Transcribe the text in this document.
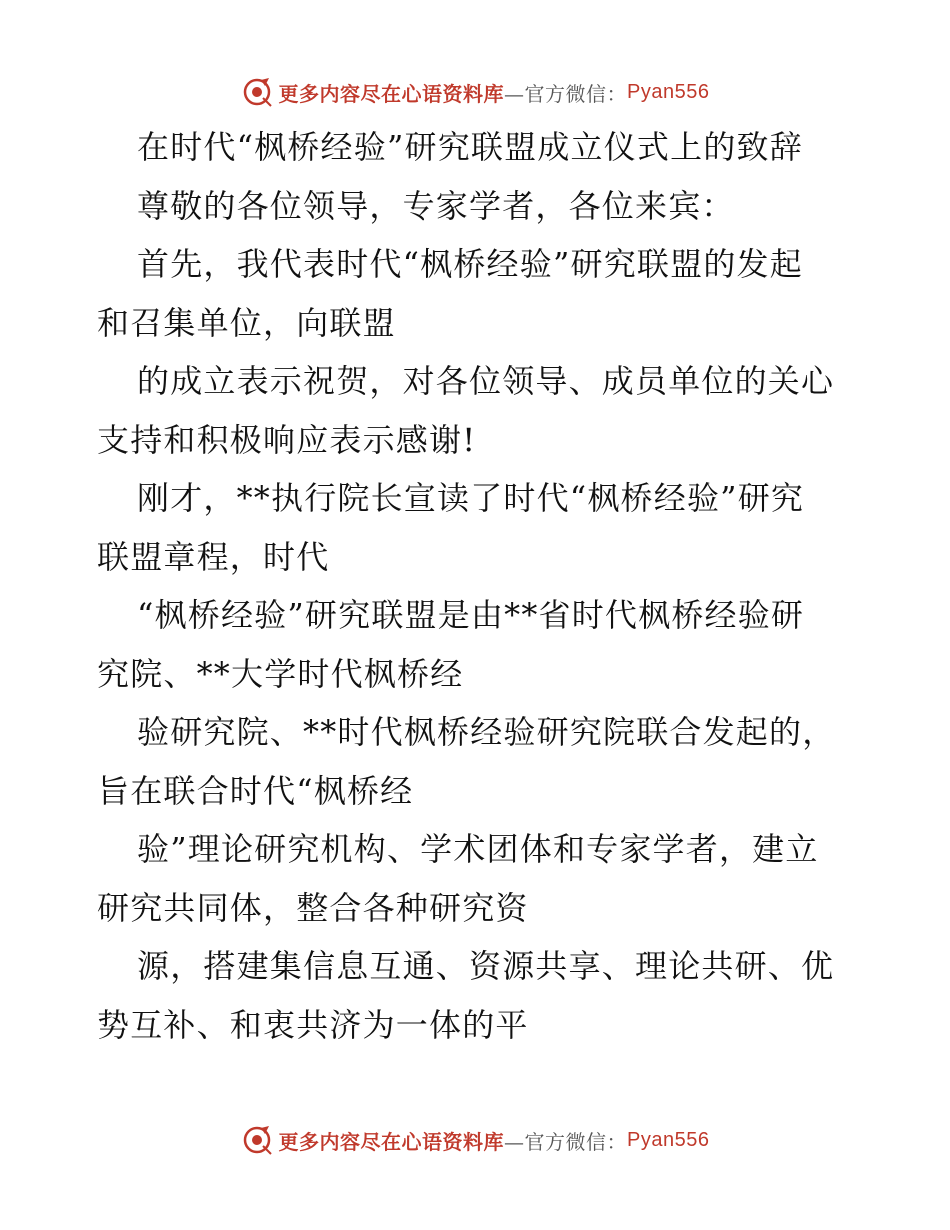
更多内容尽在心语资料库 —官方微信： Pyan556
在时代“枫桥经验”研究联盟成立仪式上的致辞
尊敬的各位领导，专家学者，各位来宾：
首先，我代表时代“枫桥经验”研究联盟的发起
和召集单位，向联盟
的成立表示祝贺，对各位领导、成员单位的关心
支持和积极响应表示感谢!
刚才，**执行院长宣读了时代“枫桥经验”研究
联盟章程，时代
“枫桥经验”研究联盟是由**省时代枫桥经验研
究院、**大学时代枫桥经
验研究院、**时代枫桥经验研究院联合发起的，
旨在联合时代“枫桥经
验”理论研究机构、学术团体和专家学者，建立
研究共同体，整合各种研究资
源，搭建集信息互通、资源共享、理论共研、优
势互补、和衷共济为一体的平
更多内容尽在心语资料库 —官方微信： Pyan556
